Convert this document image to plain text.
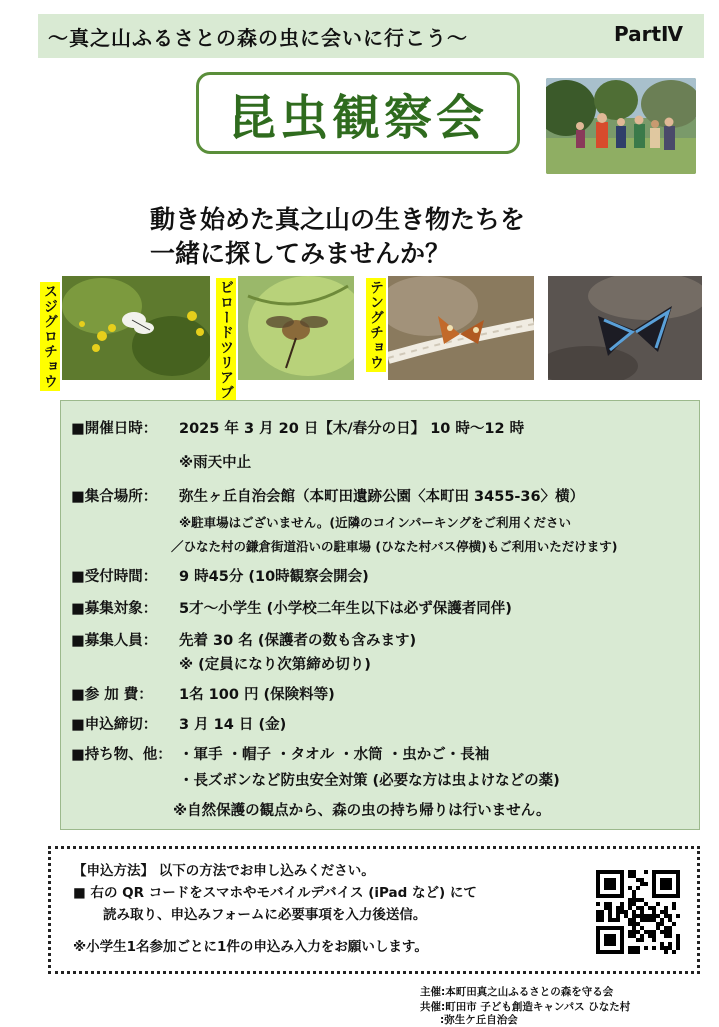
〜真之山ふるさとの森の虫に会いに行こう〜	PartⅣ
昆虫観察会
動き始めた真之山の生き物たちを
一緒に探してみませんか？
スジグロチョウ	ビロードツリアブ	テングチョウ
■開催日時： 2025 年 3 月 20 日【木/春分の日】 10 時〜12 時
※雨天中止
■集合場所： 弥生ヶ丘自治会館（本町田遺跡公園〈本町田 3455-36〉横）
※駐車場はございません。(近隣のコインパーキングをご利用ください
／ひなた村の鎌倉街道沿いの駐車場 (ひなた村バス停横)もご利用いただけます)
■受付時間： 9 時45分 (10時観察会開会)
■募集対象： 5才〜小学生 (小学校二年生以下は必ず保護者同伴)
■募集人員： 先着 30 名 (保護者の数も含みます)
※ (定員になり次第締め切り)
■参 加 費： 1名 100 円 (保険料等)
■申込締切： 3 月 14 日 (金)
■持ち物、他： ・軍手 ・帽子 ・タオル ・水筒 ・虫かご・長袖
・長ズボンなど防虫安全対策 (必要な方は虫よけなどの薬)
※自然保護の観点から、森の虫の持ち帰りは行いません。
【申込方法】 以下の方法でお申し込みください。
■ 右の QR コードをスマホやモバイルデバイス (iPad など) にて
読み取り、申込みフォームに必要事項を入力後送信。
※小学生1名参加ごとに1件の申込み入力をお願いします。
主催:本町田真之山ふるさとの森を守る会
共催:町田市 子ども創造キャンパス ひなた村
:弥生ケ丘自治会
